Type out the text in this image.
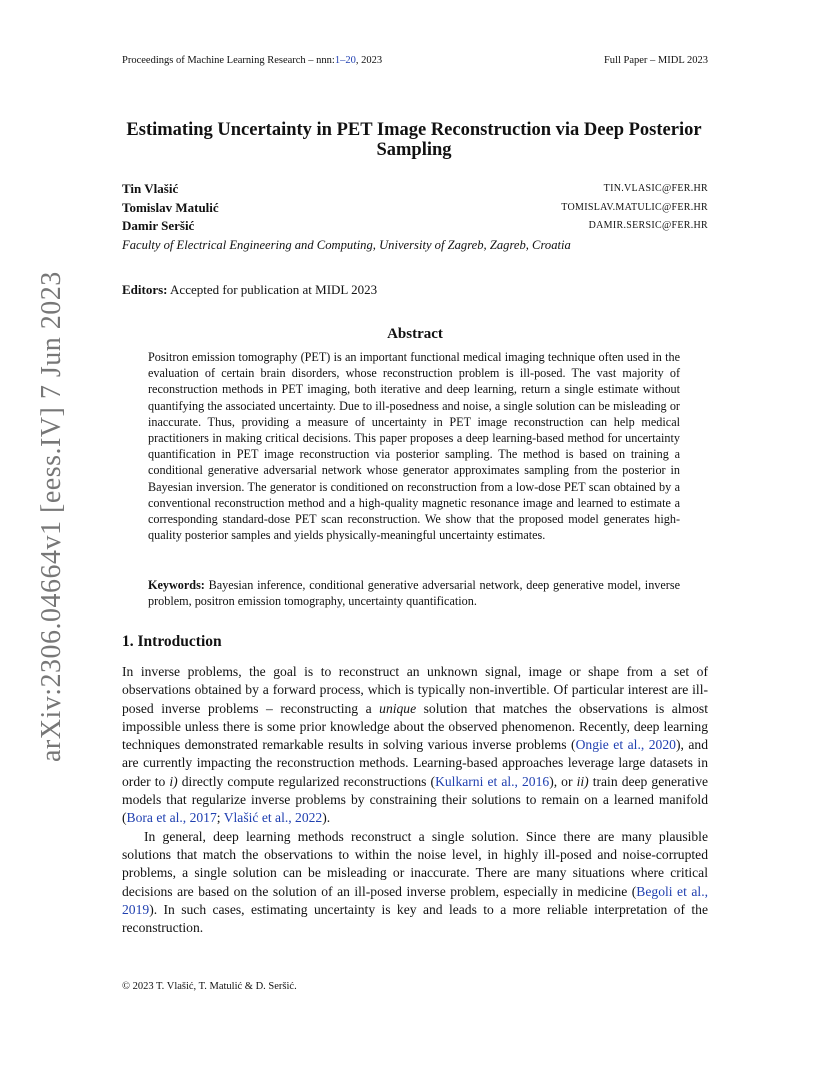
Proceedings of Machine Learning Research – nnn:1–20, 2023	Full Paper – MIDL 2023
Estimating Uncertainty in PET Image Reconstruction via Deep Posterior Sampling
Tin Vlašić	TIN.VLASIC@FER.HR
Tomislav Matulić	TOMISLAV.MATULIC@FER.HR
Damir Seršić	DAMIR.SERSIC@FER.HR
Faculty of Electrical Engineering and Computing, University of Zagreb, Zagreb, Croatia
Editors: Accepted for publication at MIDL 2023
Abstract
Positron emission tomography (PET) is an important functional medical imaging technique often used in the evaluation of certain brain disorders, whose reconstruction problem is ill-posed. The vast majority of reconstruction methods in PET imaging, both iterative and deep learning, return a single estimate without quantifying the associated uncertainty. Due to ill-posedness and noise, a single solution can be misleading or inaccurate. Thus, providing a measure of uncertainty in PET image reconstruction can help medical practitioners in making critical decisions. This paper proposes a deep learning-based method for uncertainty quantification in PET image reconstruction via posterior sampling. The method is based on training a conditional generative adversarial network whose generator approximates sampling from the posterior in Bayesian inversion. The generator is conditioned on reconstruction from a low-dose PET scan obtained by a conventional reconstruction method and a high-quality magnetic resonance image and learned to estimate a corresponding standard-dose PET scan reconstruction. We show that the proposed model generates high-quality posterior samples and yields physically-meaningful uncertainty estimates.
Keywords: Bayesian inference, conditional generative adversarial network, deep generative model, inverse problem, positron emission tomography, uncertainty quantification.
1. Introduction

In inverse problems, the goal is to reconstruct an unknown signal, image or shape from a set of observations obtained by a forward process, which is typically non-invertible. Of particular interest are ill-posed inverse problems – reconstructing a unique solution that matches the observations is almost impossible unless there is some prior knowledge about the observed phenomenon. Recently, deep learning techniques demonstrated remarkable results in solving various inverse problems (Ongie et al., 2020), and are currently impacting the reconstruction methods. Learning-based approaches leverage large datasets in order to i) directly compute regularized reconstructions (Kulkarni et al., 2016), or ii) train deep generative models that regularize inverse problems by constraining their solutions to remain on a learned manifold (Bora et al., 2017; Vlašić et al., 2022).

In general, deep learning methods reconstruct a single solution. Since there are many plausible solutions that match the observations to within the noise level, in highly ill-posed and noise-corrupted problems, a single solution can be misleading or inaccurate. There are many situations where critical decisions are based on the solution of an ill-posed inverse problem, especially in medicine (Begoli et al., 2019). In such cases, estimating uncertainty is key and leads to a more reliable interpretation of the reconstruction.

© 2023 T. Vlašić, T. Matulić & D. Seršić.
arXiv:2306.04664v1 [eess.IV] 7 Jun 2023
